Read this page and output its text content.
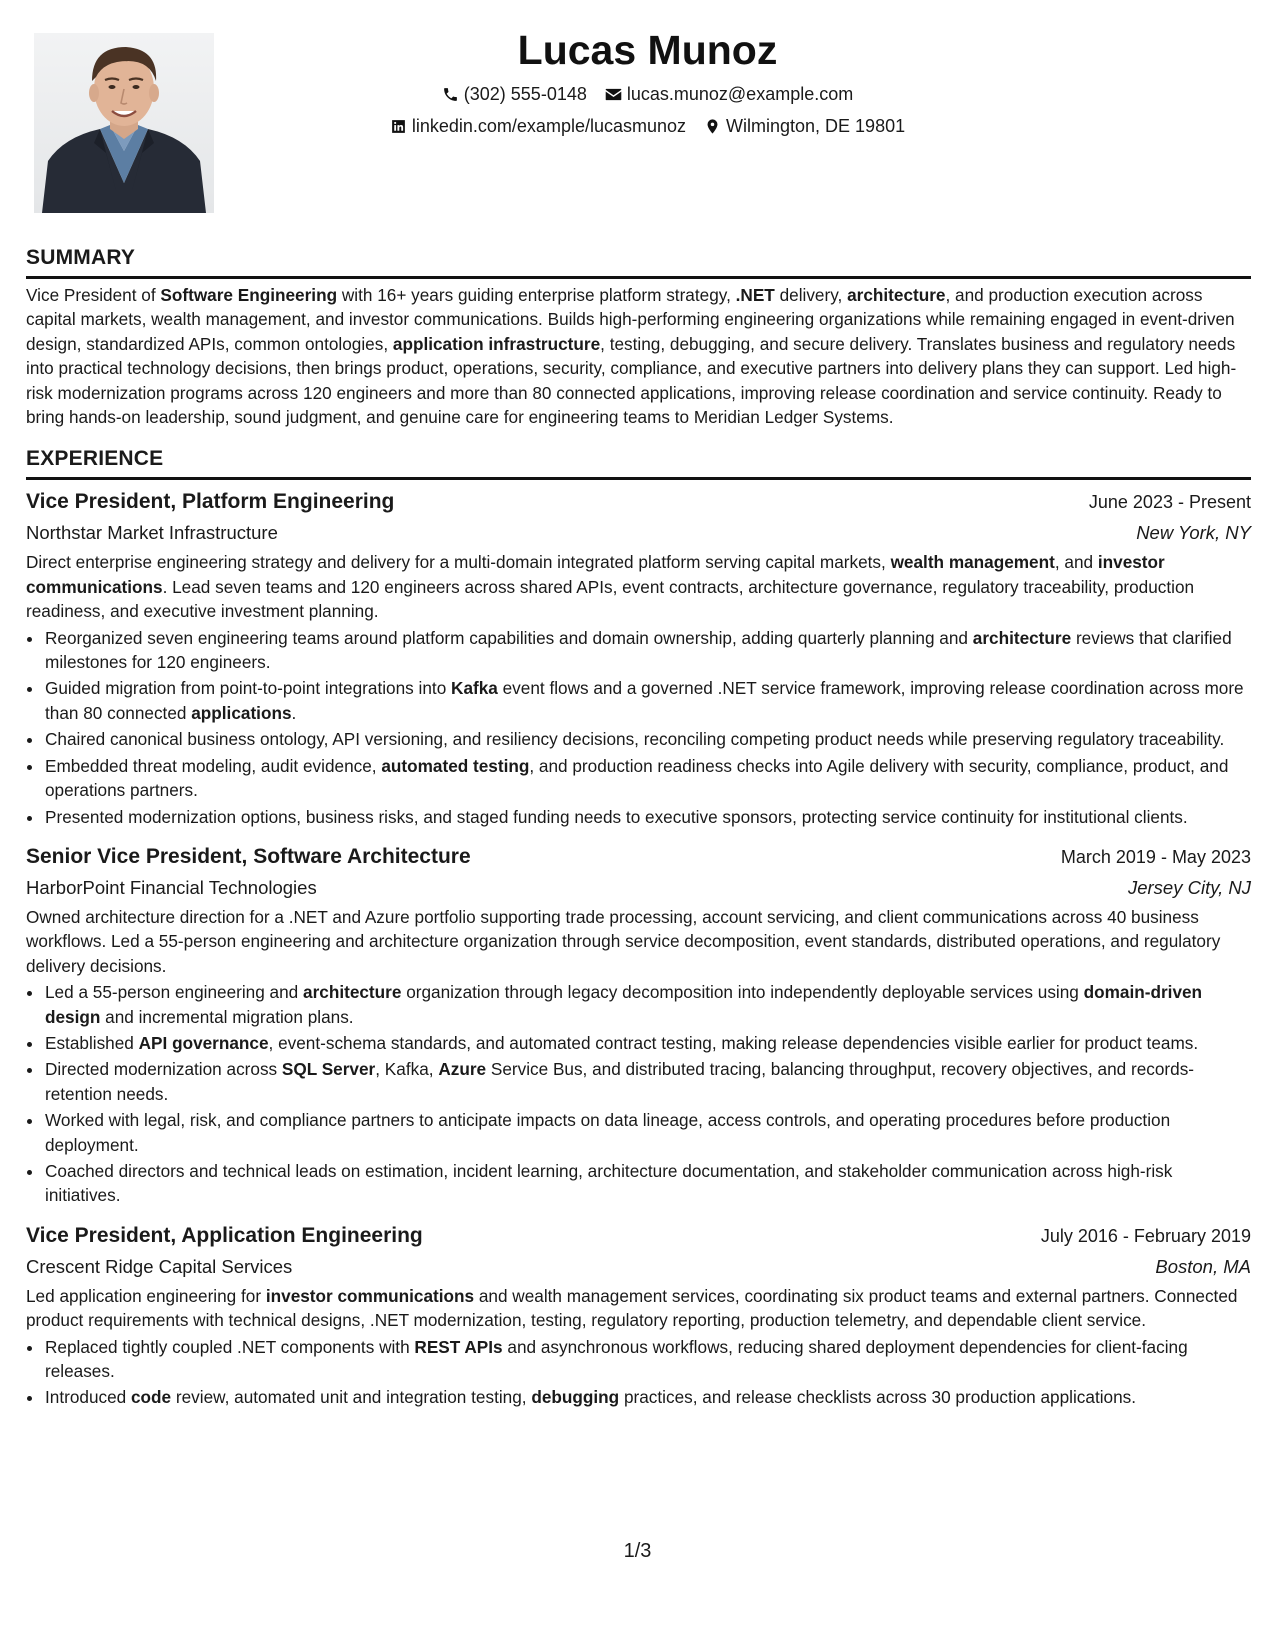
Lucas Munoz
(302) 555-0148 lucas.munoz@example.com
linkedin.com/example/lucasmunoz Wilmington, DE 19801
SUMMARY

Vice President of Software Engineering with 16+ years guiding enterprise platform strategy, .NET delivery, architecture, and production execution across capital markets, wealth management, and investor communications. Builds high-performing engineering organizations while remaining engaged in event-driven design, standardized APIs, common ontologies, application infrastructure, testing, debugging, and secure delivery. Translates business and regulatory needs into practical technology decisions, then brings product, operations, security, compliance, and executive partners into delivery plans they can support. Led high-risk modernization programs across 120 engineers and more than 80 connected applications, improving release coordination and service continuity. Ready to bring hands-on leadership, sound judgment, and genuine care for engineering teams to Meridian Ledger Systems.

EXPERIENCE
Vice President, Platform Engineering	June 2023 - Present
Northstar Market Infrastructure	New York, NY

Direct enterprise engineering strategy and delivery for a multi-domain integrated platform serving capital markets, wealth management, and investor communications. Lead seven teams and 120 engineers across shared APIs, event contracts, architecture governance, regulatory traceability, production readiness, and executive investment planning.

• Reorganized seven engineering teams around platform capabilities and domain ownership, adding quarterly planning and architecture reviews that clarified milestones for 120 engineers.
• Guided migration from point-to-point integrations into Kafka event flows and a governed .NET service framework, improving release coordination across more than 80 connected applications.
• Chaired canonical business ontology, API versioning, and resiliency decisions, reconciling competing product needs while preserving regulatory traceability.
• Embedded threat modeling, audit evidence, automated testing, and production readiness checks into Agile delivery with security, compliance, product, and operations partners.
• Presented modernization options, business risks, and staged funding needs to executive sponsors, protecting service continuity for institutional clients.
Senior Vice President, Software Architecture	March 2019 - May 2023
HarborPoint Financial Technologies	Jersey City, NJ

Owned architecture direction for a .NET and Azure portfolio supporting trade processing, account servicing, and client communications across 40 business workflows. Led a 55-person engineering and architecture organization through service decomposition, event standards, distributed operations, and regulatory delivery decisions.

• Led a 55-person engineering and architecture organization through legacy decomposition into independently deployable services using domain-driven design and incremental migration plans.
• Established API governance, event-schema standards, and automated contract testing, making release dependencies visible earlier for product teams.
• Directed modernization across SQL Server, Kafka, Azure Service Bus, and distributed tracing, balancing throughput, recovery objectives, and records-retention needs.
• Worked with legal, risk, and compliance partners to anticipate impacts on data lineage, access controls, and operating procedures before production deployment.
• Coached directors and technical leads on estimation, incident learning, architecture documentation, and stakeholder communication across high-risk initiatives.
Vice President, Application Engineering	July 2016 - February 2019
Crescent Ridge Capital Services	Boston, MA

Led application engineering for investor communications and wealth management services, coordinating six product teams and external partners. Connected product requirements with technical designs, .NET modernization, testing, regulatory reporting, production telemetry, and dependable client service.

• Replaced tightly coupled .NET components with REST APIs and asynchronous workflows, reducing shared deployment dependencies for client-facing releases.
• Introduced code review, automated unit and integration testing, debugging practices, and release checklists across 30 production applications.
1/3
